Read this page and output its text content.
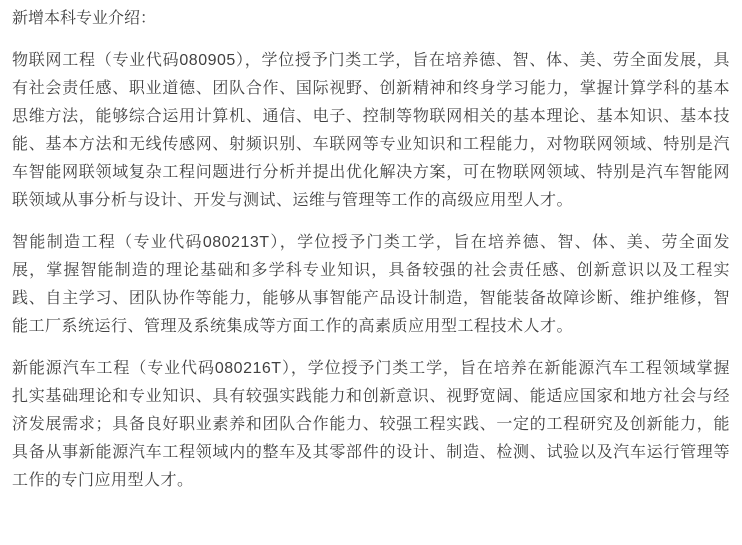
新增本科专业介绍：

物联网工程（专业代码080905），学位授予门类工学，旨在培养德、智、体、美、劳全面发展，具有社会责任感、职业道德、团队合作、国际视野、创新精神和终身学习能力，掌握计算学科的基本思维方法，能够综合运用计算机、通信、电子、控制等物联网相关的基本理论、基本知识、基本技能、基本方法和无线传感网、射频识别、车联网等专业知识和工程能力，对物联网领域、特别是汽车智能网联领域复杂工程问题进行分析并提出优化解决方案，可在物联网领域、特别是汽车智能网联领域从事分析与设计、开发与测试、运维与管理等工作的高级应用型人才。

智能制造工程（专业代码080213T），学位授予门类工学，旨在培养德、智、体、美、劳全面发展，掌握智能制造的理论基础和多学科专业知识，具备较强的社会责任感、创新意识以及工程实践、自主学习、团队协作等能力，能够从事智能产品设计制造，智能装备故障诊断、维护维修，智能工厂系统运行、管理及系统集成等方面工作的高素质应用型工程技术人才。

新能源汽车工程（专业代码080216T），学位授予门类工学，旨在培养在新能源汽车工程领域掌握扎实基础理论和专业知识、具有较强实践能力和创新意识、视野宽阔、能适应国家和地方社会与经济发展需求；具备良好职业素养和团队合作能力、较强工程实践、一定的工程研究及创新能力，能具备从事新能源汽车工程领域内的整车及其零部件的设计、制造、检测、试验以及汽车运行管理等工作的专门应用型人才。
